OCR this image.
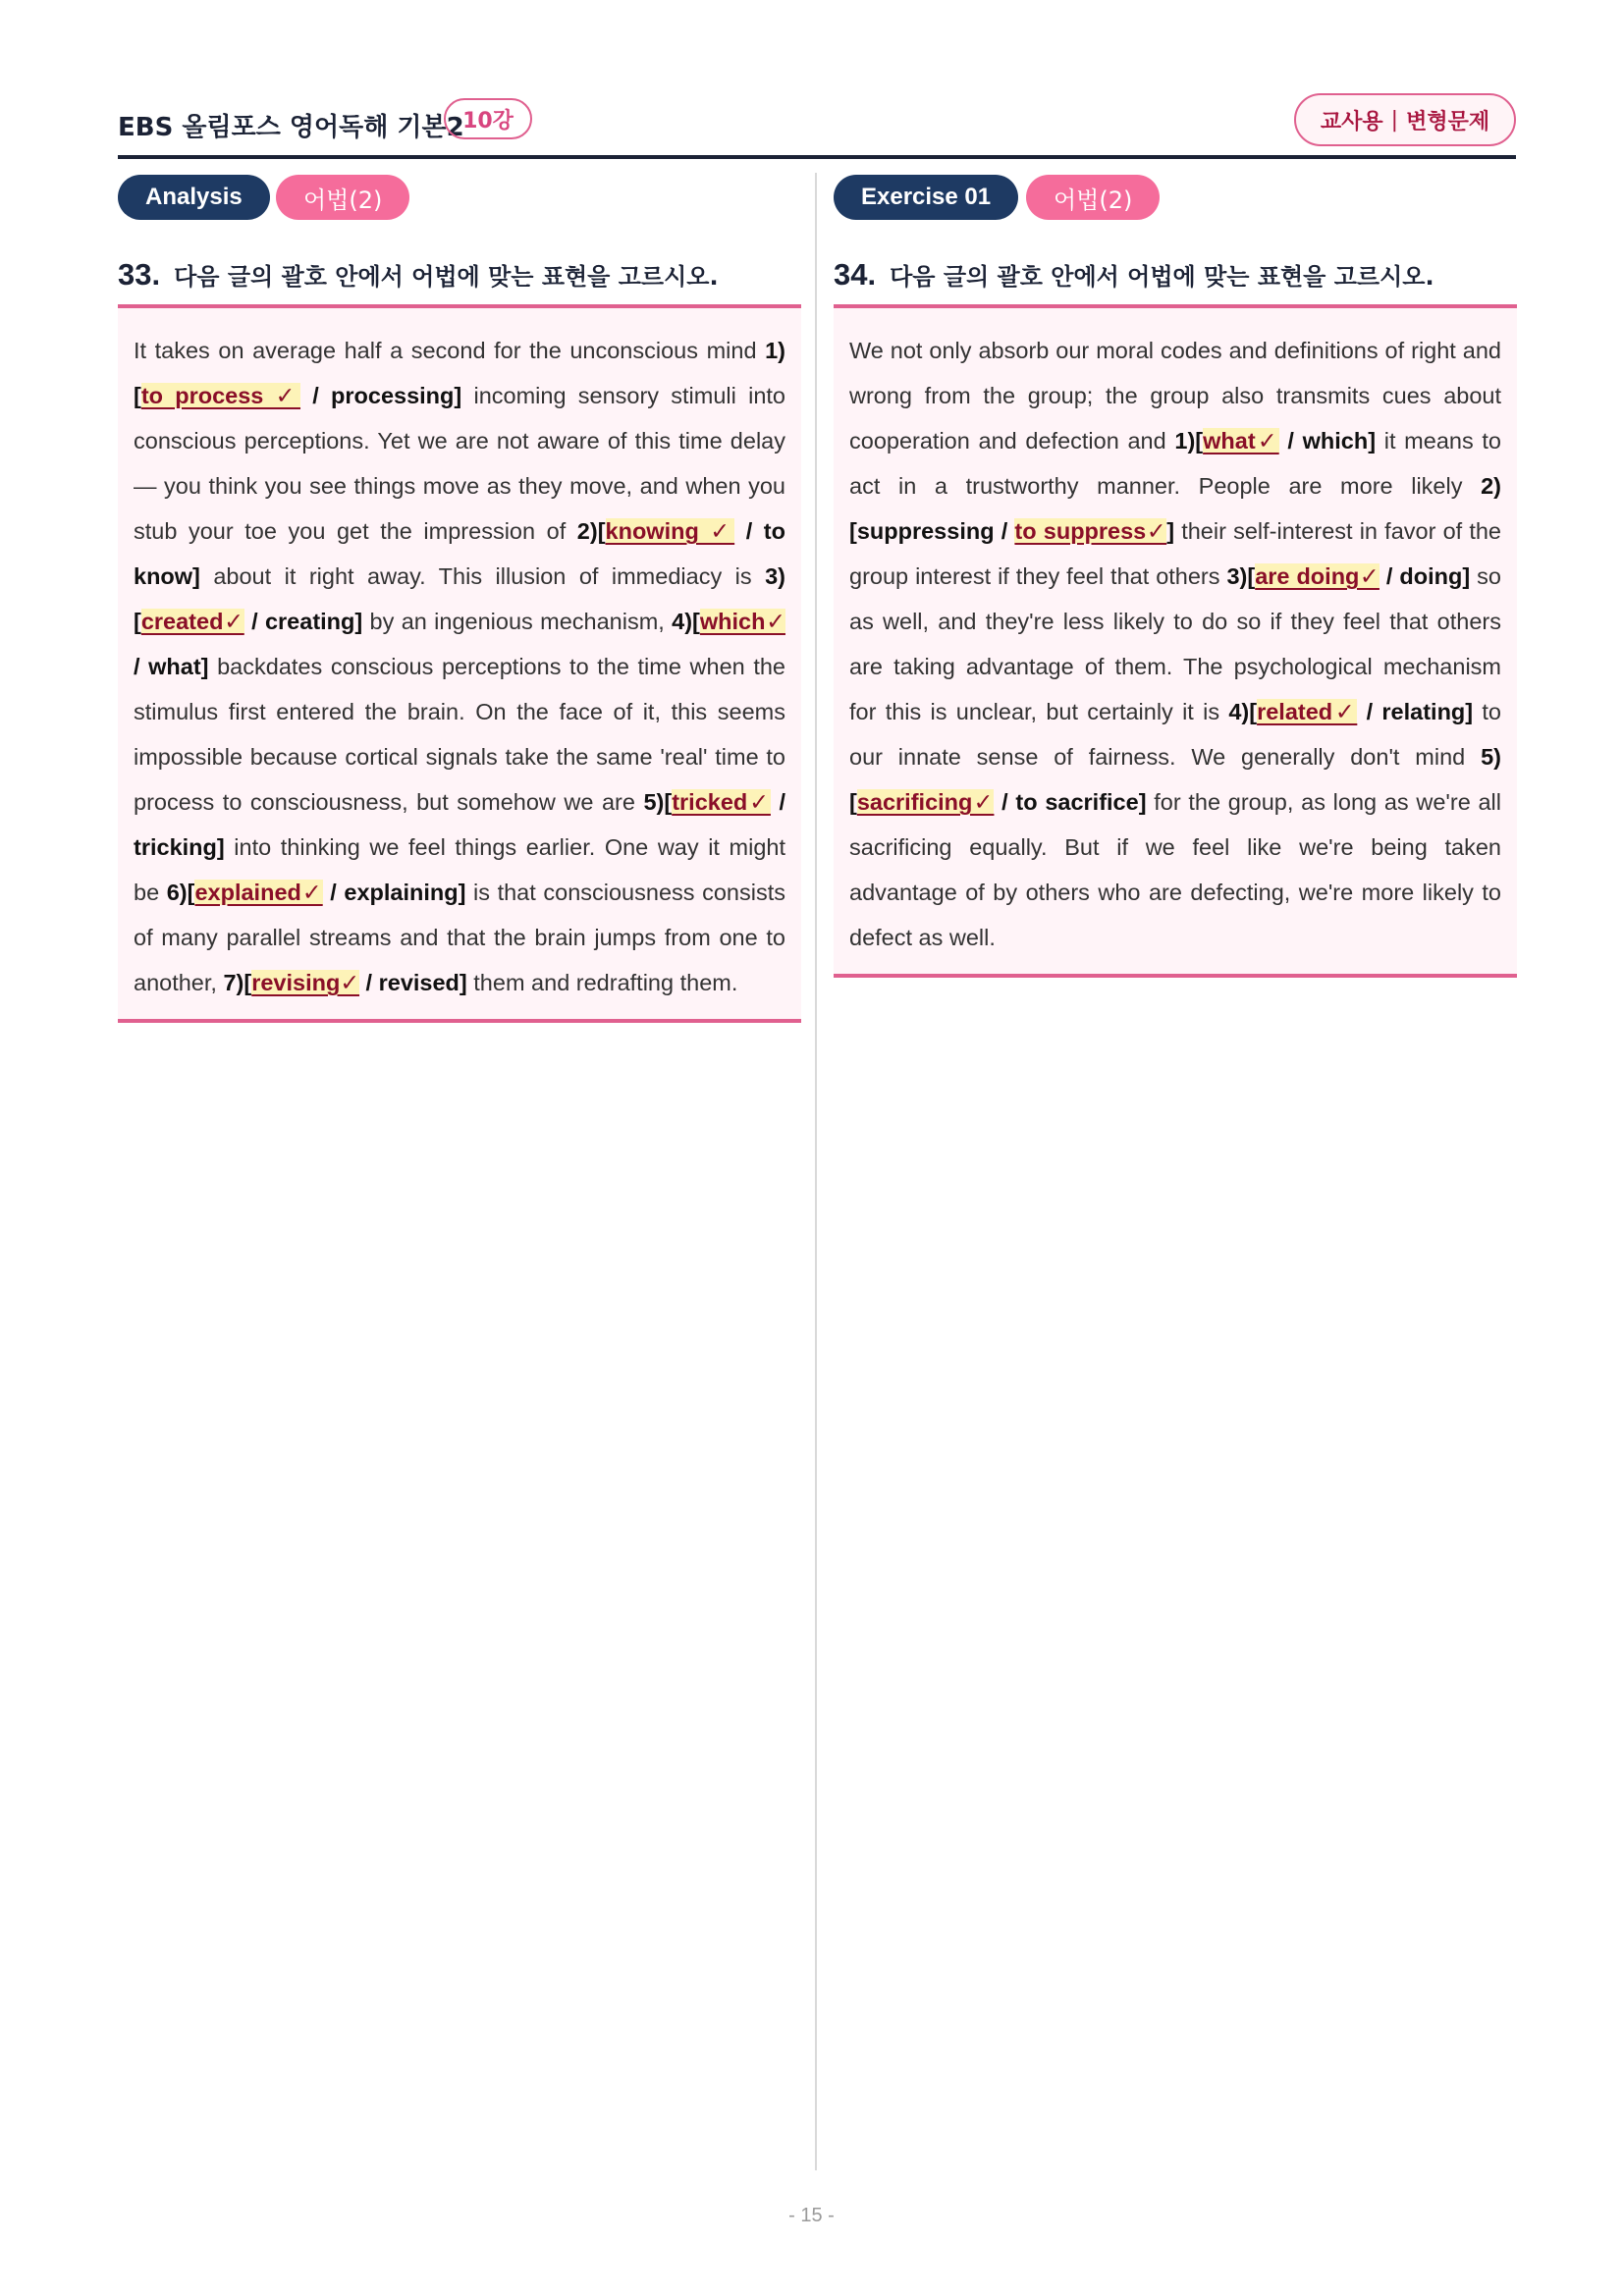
EBS 올림포스 영어독해 기본2
10강	교사용 | 변형문제
Analysis	어법(2)
33. 다음 글의 괄호 안에서 어법에 맞는 표현을 고르시오.
It takes on average half a second for the unconscious mind 1)[to process ✓ / processing] incoming sensory stimuli into conscious perceptions. Yet we are not aware of this time delay — you think you see things move as they move, and when you stub your toe you get the impression of 2)[knowing ✓ / to know] about it right away. This illusion of immediacy is 3)[created✓ / creating] by an ingenious mechanism, 4)[which✓ / what] backdates conscious perceptions to the time when the stimulus first entered the brain. On the face of it, this seems impossible because cortical signals take the same 'real' time to process to consciousness, but somehow we are 5)[tricked✓ / tricking] into thinking we feel things earlier. One way it might be 6)[explained✓ / explaining] is that consciousness consists of many parallel streams and that the brain jumps from one to another, 7)[revising✓ / revised] them and redrafting them.
Exercise 01	어법(2)
34. 다음 글의 괄호 안에서 어법에 맞는 표현을 고르시오.
We not only absorb our moral codes and definitions of right and wrong from the group; the group also transmits cues about cooperation and defection and 1)[what✓ / which] it means to act in a trustworthy manner. People are more likely 2)[suppressing / to suppress✓] their self-interest in favor of the group interest if they feel that others 3)[are doing✓ / doing] so as well, and they're less likely to do so if they feel that others are taking advantage of them. The psychological mechanism for this is unclear, but certainly it is 4)[related✓ / relating] to our innate sense of fairness. We generally don't mind 5)[sacrificing✓ / to sacrifice] for the group, as long as we're all sacrificing equally. But if we feel like we're being taken advantage of by others who are defecting, we're more likely to defect as well.
- 15 -
